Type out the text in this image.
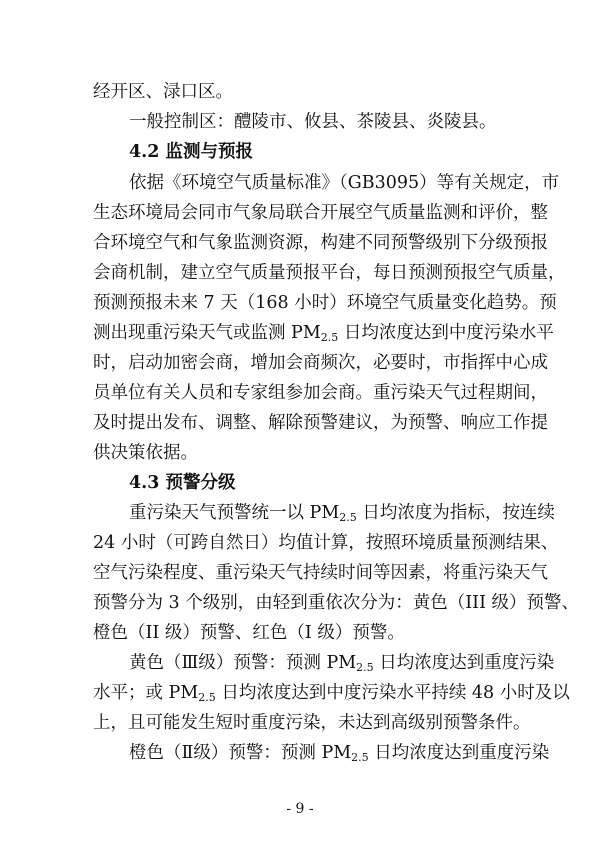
经开区、渌口区。
一般控制区：醴陵市、攸县、茶陵县、炎陵县。
4.2 监测与预报
依据《环境空气质量标准》（GB3095）等有关规定，市
生态环境局会同市气象局联合开展空气质量监测和评价，整
合环境空气和气象监测资源，构建不同预警级别下分级预报
会商机制，建立空气质量预报平台，每日预测预报空气质量，
预测预报未来 7 天（168 小时）环境空气质量变化趋势。预
测出现重污染天气或监测 $PM_{2.5}$ 日均浓度达到中度污染水平
时，启动加密会商，增加会商频次，必要时，市指挥中心成
员单位有关人员和专家组参加会商。重污染天气过程期间，
及时提出发布、调整、解除预警建议，为预警、响应工作提
供决策依据。
4.3 预警分级
重污染天气预警统一以 $PM_{2.5}$ 日均浓度为指标，按连续
24 小时（可跨自然日）均值计算，按照环境质量预测结果、
空气污染程度、重污染天气持续时间等因素，将重污染天气
预警分为 3 个级别，由轻到重依次分为：黄色（III 级）预警、
橙色（II 级）预警、红色（I 级）预警。
黄色（Ⅲ级）预警：预测 $PM_{2.5}$ 日均浓度达到重度污染
水平；或 $PM_{2.5}$ 日均浓度达到中度污染水平持续 48 小时及以
上，且可能发生短时重度污染，未达到高级别预警条件。
橙色（Ⅱ级）预警：预测 $PM_{2.5}$ 日均浓度达到重度污染
- 9 -
